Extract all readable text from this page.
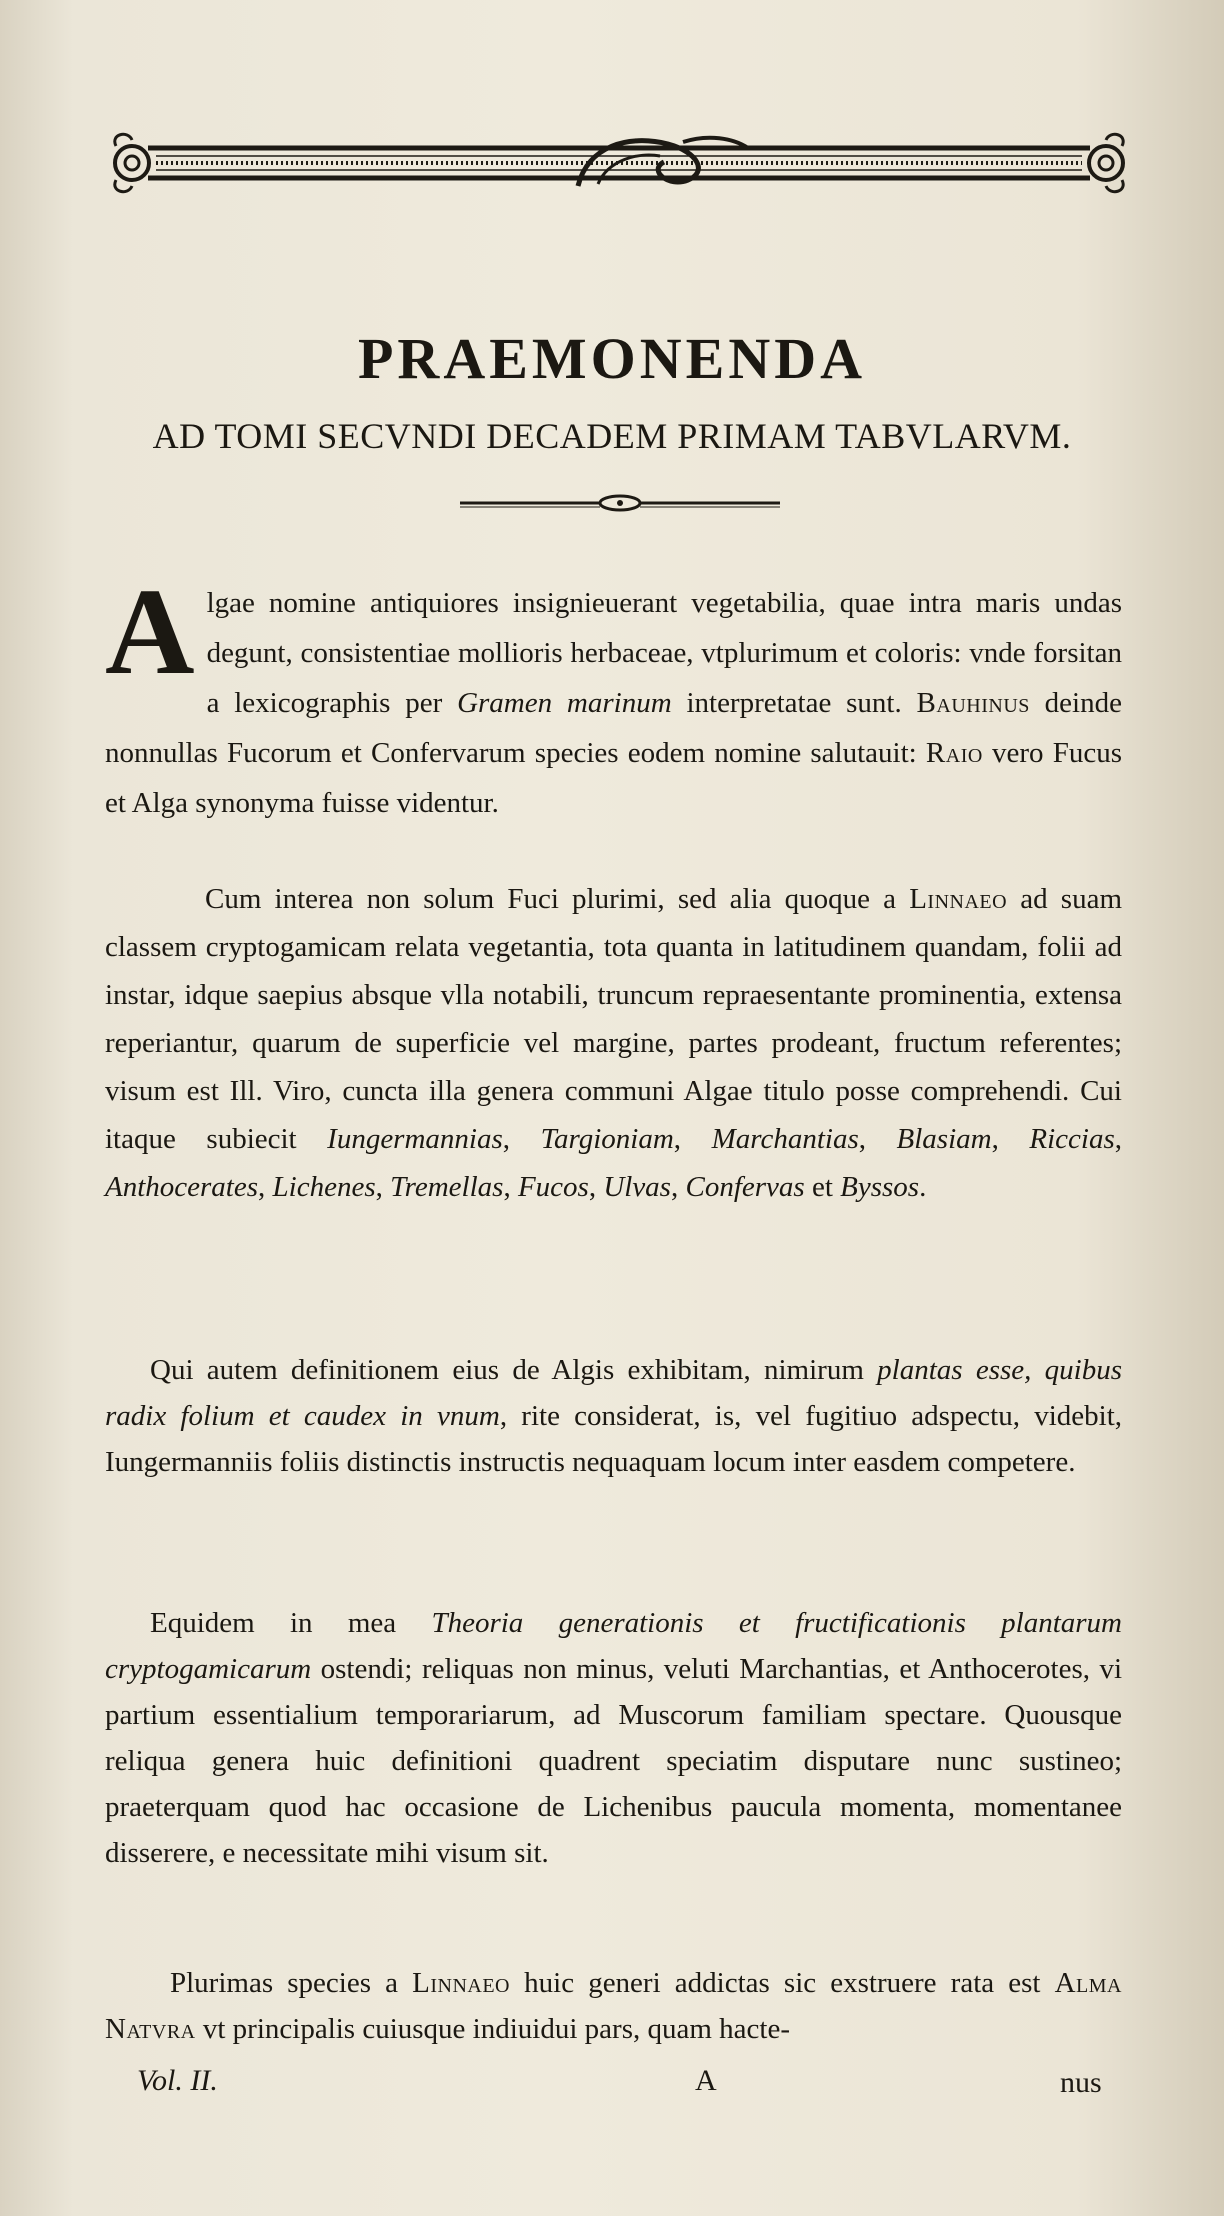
PRAEMONENDA
AD TOMI SECVNDI DECADEM PRIMAM TABVLARVM.
Algae nomine antiquiores insignieuerant vegetabilia, quae intra maris undas degunt, consistentiae mollioris herbaceae, vtplurimum et coloris: vnde forsitan a lexicographis per Gramen marinum interpretatae sunt. Bauhinus deinde nonnullas Fucorum et Confervarum species eodem nomine salutauit: Raio vero Fucus et Alga synonyma fuisse videntur.
Cum interea non solum Fuci plurimi, sed alia quoque a Linnaeo ad suam classem cryptogamicam relata vegetantia, tota quanta in latitudinem quandam, folii ad instar, idque saepius absque vlla notabili, truncum repraesentante prominentia, extensa reperiantur, quarum de superficie vel margine, partes prodeant, fructum referentes; visum est Ill. Viro, cuncta illa genera communi Algae titulo posse comprehendi. Cui itaque subiecit Iungermannias, Targioniam, Marchantias, Blasiam, Riccias, Anthocerates, Lichenes, Tremellas, Fucos, Ulvas, Confervas et Byssos.
Qui autem definitionem eius de Algis exhibitam, nimirum plantas esse, quibus radix folium et caudex in vnum, rite considerat, is, vel fugitiuo adspectu, videbit, Iungermanniis foliis distinctis instructis nequaquam locum inter easdem competere.
Equidem in mea Theoria generationis et fructificationis plantarum cryptogamicarum ostendi; reliquas non minus, veluti Marchantias, et Anthocerotes, vi partium essentialium temporariarum, ad Muscorum familiam spectare. Quousque reliqua genera huic definitioni quadrent speciatim disputare nunc sustineo; praeterquam quod hac occasione de Lichenibus paucula momenta, momentanee disserere, e necessitate mihi visum sit.
Plurimas species a Linnaeo huic generi addictas sic exstruere rata est Alma Natvra vt principalis cuiusque indiuidui pars, quam hacte-
Vol. II.	A	nus
